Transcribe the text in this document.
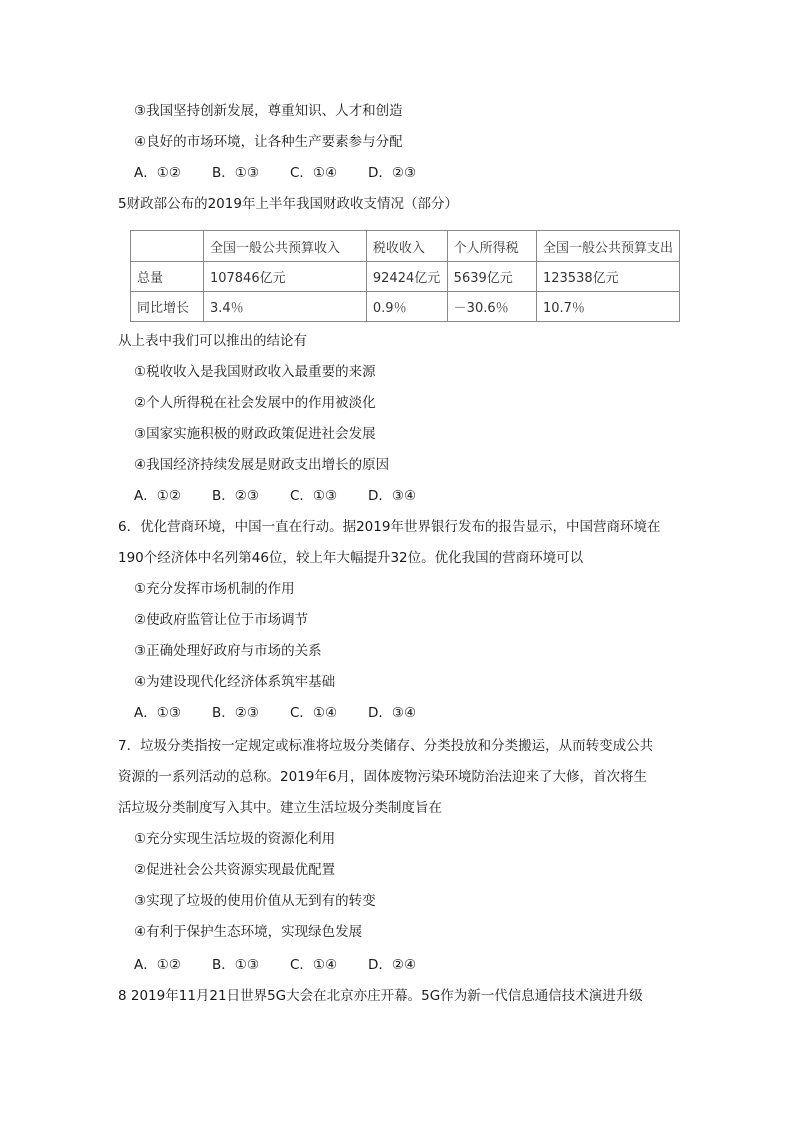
③我国坚持创新发展，尊重知识、人才和创造
④良好的市场环境，让各种生产要素参与分配
A．①② B．①③ C．①④ D．②③
5财政部公布的2019年上半年我国财政收支情况（部分）
	全国一般公共预算收入	税收收入	个人所得税	全国一般公共预算支出
总量	107846亿元	92424亿元	5639亿元	123538亿元
同比增长	3.4％	0.9％	－30.6％	10.7％
从上表中我们可以推出的结论有
①税收收入是我国财政收入最重要的来源
②个人所得税在社会发展中的作用被淡化
③国家实施积极的财政政策促进社会发展
④我国经济持续发展是财政支出增长的原因
A．①② B．②③ C．①③ D．③④
6．优化营商环境，中国一直在行动。据2019年世界银行发布的报告显示，中国营商环境在
190个经济体中名列第46位，较上年大幅提升32位。优化我国的营商环境可以
①充分发挥市场机制的作用
②使政府监管让位于市场调节
③正确处理好政府与市场的关系
④为建设现代化经济体系筑牢基础
A．①③ B．②③ C．①④ D．③④
7．垃圾分类指按一定规定或标准将垃圾分类储存、分类投放和分类搬运，从而转变成公共
资源的一系列活动的总称。2019年6月，固体废物污染环境防治法迎来了大修，首次将生
活垃圾分类制度写入其中。建立生活垃圾分类制度旨在
①充分实现生活垃圾的资源化利用
②促进社会公共资源实现最优配置
③实现了垃圾的使用价值从无到有的转变
④有利于保护生态环境，实现绿色发展
A．①② B．①③ C．①④ D．②④
8 2019年11月21日世界5G大会在北京亦庄开幕。5G作为新一代信息通信技术演进升级
